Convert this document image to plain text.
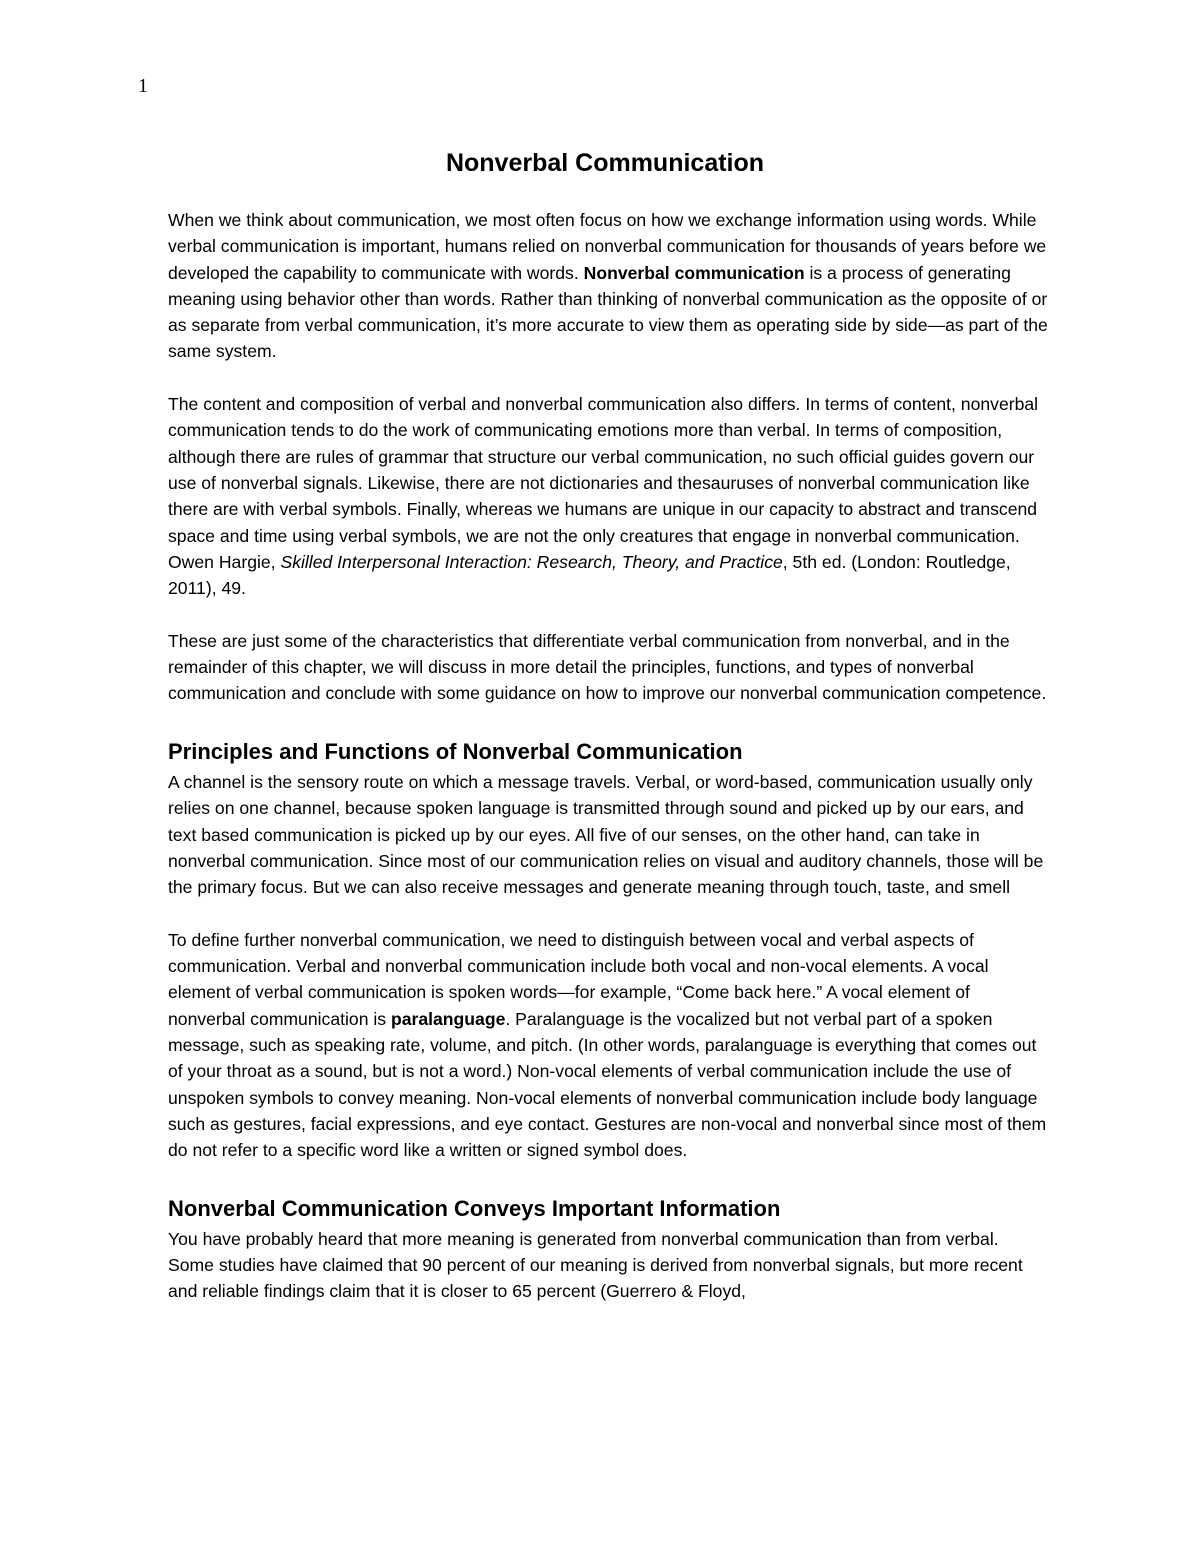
1
Nonverbal Communication

When we think about communication, we most often focus on how we exchange information using words. While verbal communication is important, humans relied on nonverbal communication for thousands of years before we developed the capability to communicate with words. Nonverbal communication is a process of generating meaning using behavior other than words. Rather than thinking of nonverbal communication as the opposite of or as separate from verbal communication, it’s more accurate to view them as operating side by side—as part of the same system.

The content and composition of verbal and nonverbal communication also differs. In terms of content, nonverbal communication tends to do the work of communicating emotions more than verbal. In terms of composition, although there are rules of grammar that structure our verbal communication, no such official guides govern our use of nonverbal signals. Likewise, there are not dictionaries and thesauruses of nonverbal communication like there are with verbal symbols. Finally, whereas we humans are unique in our capacity to abstract and transcend space and time using verbal symbols, we are not the only creatures that engage in nonverbal communication. Owen Hargie, Skilled Interpersonal Interaction: Research, Theory, and Practice, 5th ed. (London: Routledge, 2011), 49.

These are just some of the characteristics that differentiate verbal communication from nonverbal, and in the remainder of this chapter, we will discuss in more detail the principles, functions, and types of nonverbal communication and conclude with some guidance on how to improve our nonverbal communication competence.

Principles and Functions of Nonverbal Communication

A channel is the sensory route on which a message travels. Verbal, or word-based, communication usually only relies on one channel, because spoken language is transmitted through sound and picked up by our ears, and text based communication is picked up by our eyes. All five of our senses, on the other hand, can take in nonverbal communication. Since most of our communication relies on visual and auditory channels, those will be the primary focus. But we can also receive messages and generate meaning through touch, taste, and smell

To define further nonverbal communication, we need to distinguish between vocal and verbal aspects of communication. Verbal and nonverbal communication include both vocal and non-vocal elements. A vocal element of verbal communication is spoken words—for example, “Come back here.” A vocal element of nonverbal communication is paralanguage. Paralanguage is the vocalized but not verbal part of a spoken message, such as speaking rate, volume, and pitch. (In other words, paralanguage is everything that comes out of your throat as a sound, but is not a word.) Non-vocal elements of verbal communication include the use of unspoken symbols to convey meaning. Non-vocal elements of nonverbal communication include body language such as gestures, facial expressions, and eye contact. Gestures are non-vocal and nonverbal since most of them do not refer to a specific word like a written or signed symbol does.

Nonverbal Communication Conveys Important Information

You have probably heard that more meaning is generated from nonverbal communication than from verbal. Some studies have claimed that 90 percent of our meaning is derived from nonverbal signals, but more recent and reliable findings claim that it is closer to 65 percent (Guerrero & Floyd,
